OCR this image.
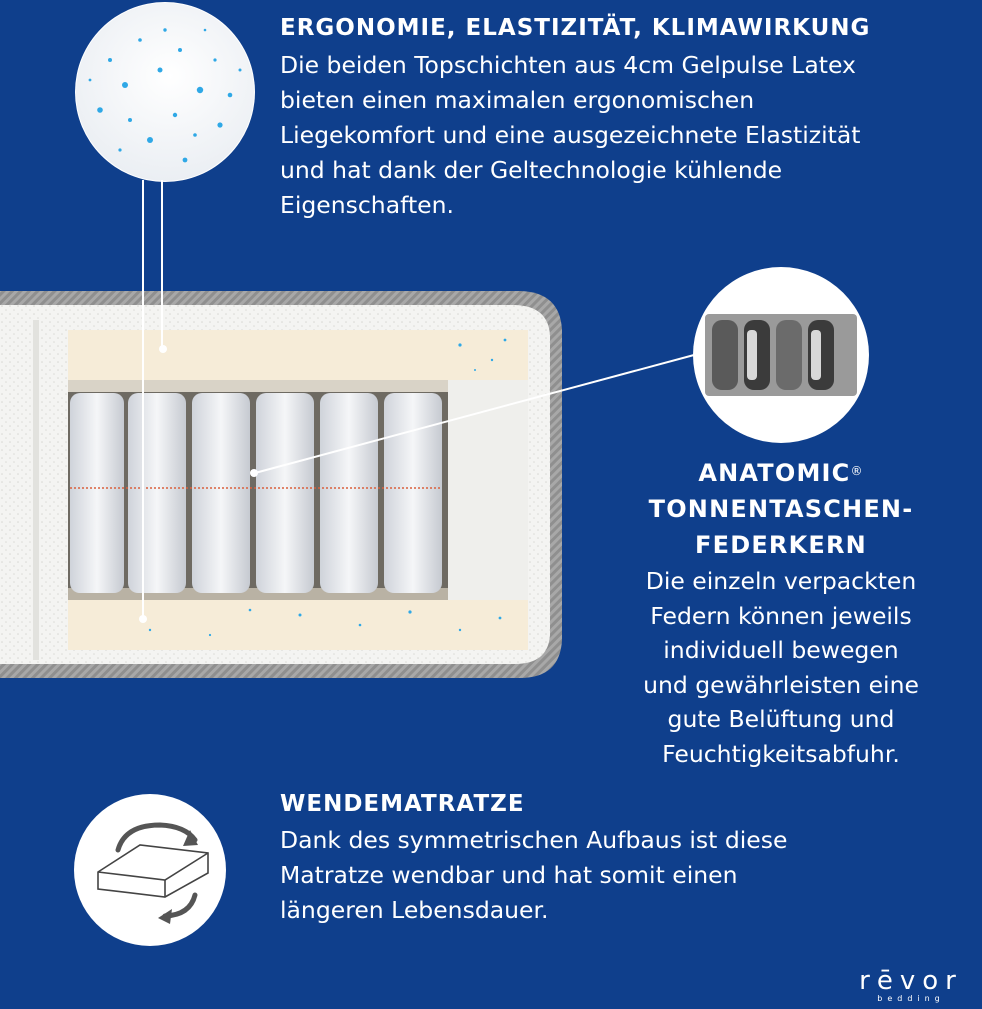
ERGONOMIE, ELASTIZITÄT, KLIMAWIRKUNG
Die beiden Topschichten aus 4cm Gelpulse Latex
bieten einen maximalen ergonomischen
Liegekomfort und eine ausgezeichnete Elastizität
und hat dank der Geltechnologie kühlende
Eigenschaften.
ANATOMIC®
TONNENTASCHEN-
FEDERKERN
Die einzeln verpackten
Federn können jeweils
individuell bewegen
und gewährleisten eine
gute Belüftung und
Feuchtigkeitsabfuhr.
WENDEMATRATZE
Dank des symmetrischen Aufbaus ist diese
Matratze wendbar und hat somit einen
längeren Lebensdauer.
rēvor
bedding
